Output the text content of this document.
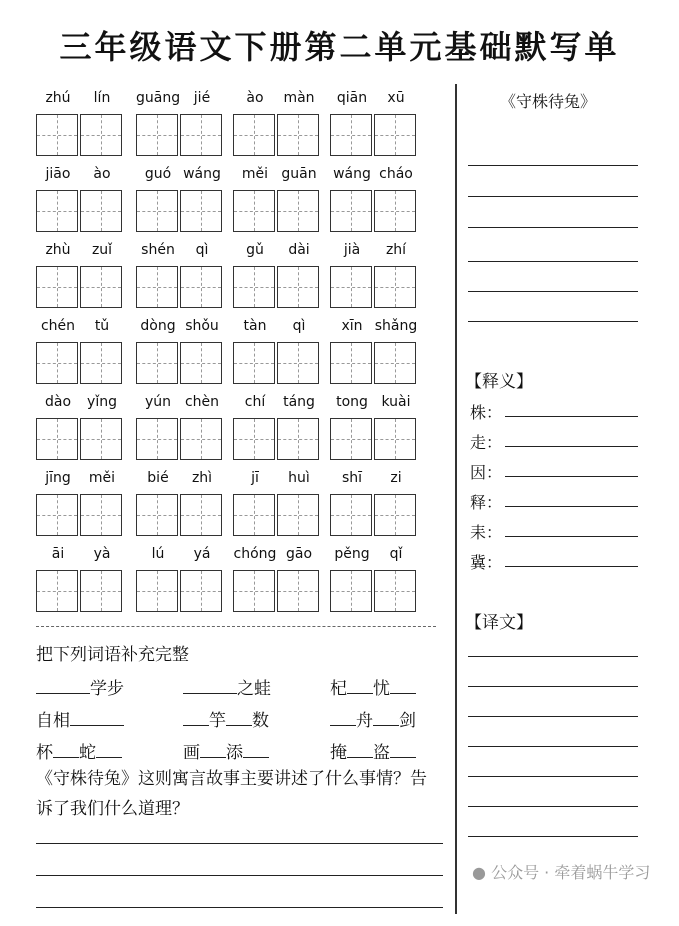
三年级语文下册第二单元基础默写单
zhú	lín	guāng jié	ào	màn	qiān	xū
jiāo	ào	guó wáng	měi guān	wáng cháo
zhù	zuǐ	shén	qì	gǔ	dài	jià	zhí
chén	tǔ	dòng shǒu	tàn	qì	xīn shǎng
dào	yǐng	yún chèn	chí	táng	tong kuài
jīng	měi	bié	zhì	jī	huì	shī	zi
āi	yà	lú	yá	chóng gāo	pěng	qǐ
把下列词语补充完整
学步	之蛙	杞 忧
自相	竽 数	舟 剑
杯 蛇	画 添	掩 盗
《守株待兔》这则寓言故事主要讲述了什么事情？告诉了我们什么道理？
《守株待兔》
【释义】
株：
走：
因：
释：
耒：
冀：
【译文】
● 公众号 · 牵着蜗牛学习
